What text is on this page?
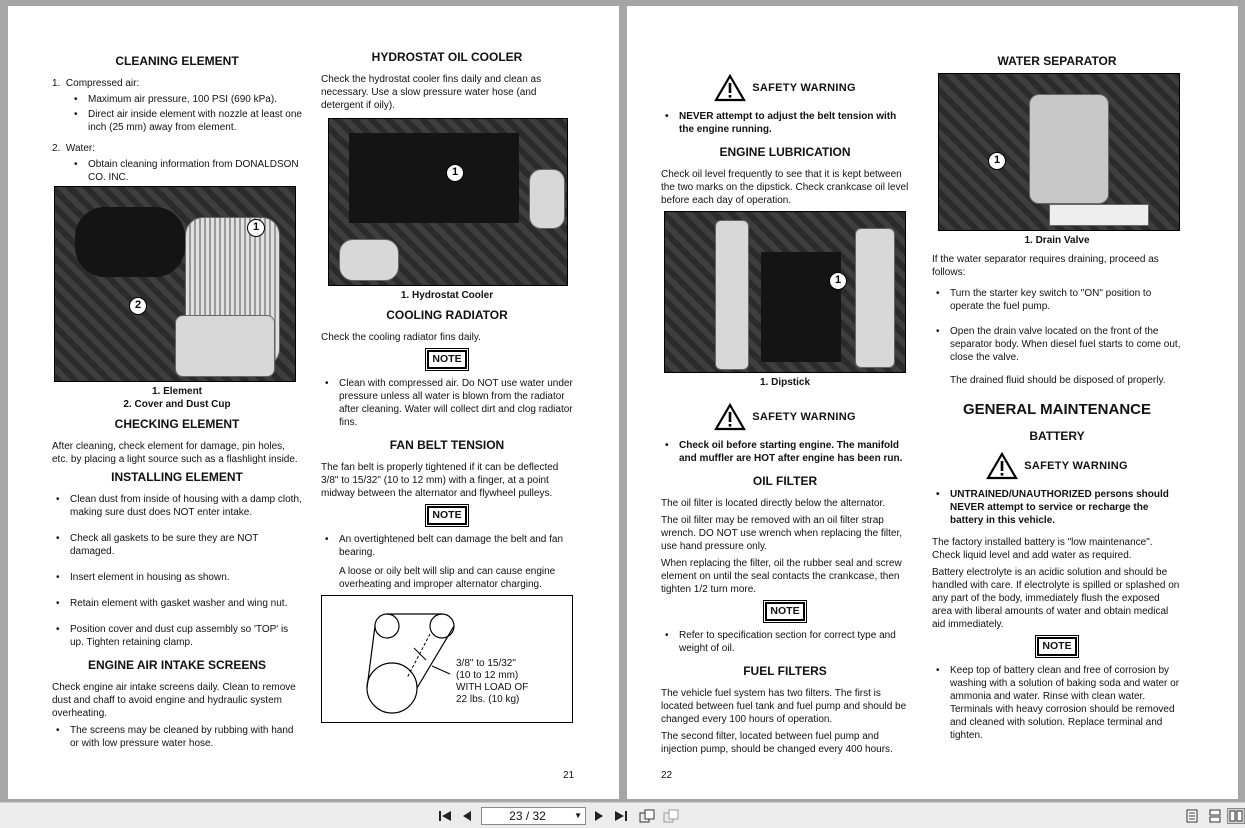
CLEANING ELEMENT
1. Compressed air:
• Maximum air pressure, 100 PSI (690 kPa).
• Direct air inside element with nozzle at least one inch (25 mm) away from element.
2. Water:
• Obtain cleaning information from DONALDSON CO. INC.
1
2
1. Element
2. Cover and Dust Cup
CHECKING ELEMENT

After cleaning, check element for damage, pin holes, etc. by placing a light source such as a flashlight inside.

INSTALLING ELEMENT
• Clean dust from inside of housing with a damp cloth, making sure dust does NOT enter intake.
• Check all gaskets to be sure they are NOT damaged.
• Insert element in housing as shown.
• Retain element with gasket washer and wing nut.
• Position cover and dust cup assembly so 'TOP' is up. Tighten retaining clamp.
ENGINE AIR INTAKE SCREENS

Check engine air intake screens daily. Clean to remove dust and chaff to avoid engine and hydraulic system overheating.

• The screens may be cleaned by rubbing with hand or with low pressure water hose.
HYDROSTAT OIL COOLER

Check the hydrostat cooler fins daily and clean as necessary. Use a slow pressure water hose (and detergent if oily).

1
1. Hydrostat Cooler
COOLING RADIATOR

Check the cooling radiator fins daily.

NOTE
• Clean with compressed air. Do NOT use water under pressure unless all water is blown from the radiator after cleaning. Water will collect dirt and clog radiator fins.
FAN BELT TENSION

The fan belt is properly tightened if it can be deflected 3/8" to 15/32" (10 to 12 mm) with a finger, at a point midway between the alternator and flywheel pulleys.

NOTE
• An overtightened belt can damage the belt and fan bearing.

A loose or oily belt will slip and can cause engine overheating and improper alternator charging.

3/8" to 15/32"
(10 to 12 mm)
WITH LOAD OF
22 lbs. (10 kg)
21
SAFETY WARNING
• NEVER attempt to adjust the belt tension with the engine running.
ENGINE LUBRICATION

Check oil level frequently to see that it is kept between the two marks on the dipstick. Check crankcase oil level before each day of operation.

1
1. Dipstick
SAFETY WARNING
• Check oil before starting engine. The manifold and muffler are HOT after engine has been run.
OIL FILTER

The oil filter is located directly below the alternator.

The oil filter may be removed with an oil filter strap wrench. DO NOT use wrench when replacing the filter, use hand pressure only.

When replacing the filter, oil the rubber seal and screw element on until the seal contacts the crankcase, then tighten 1/2 turn more.

NOTE
• Refer to specification section for correct type and weight of oil.
FUEL FILTERS

The vehicle fuel system has two filters. The first is located between fuel tank and fuel pump and should be changed every 100 hours of operation.

The second filter, located between fuel pump and injection pump, should be changed every 400 hours.

WATER SEPARATOR
1
1. Drain Valve

If the water separator requires draining, proceed as follows:

• Turn the starter key switch to "ON" position to operate the fuel pump.
• Open the drain valve located on the front of the separator body. When diesel fuel starts to come out, close the valve.

The drained fluid should be disposed of properly.

GENERAL MAINTENANCE
BATTERY
SAFETY WARNING
• UNTRAINED/UNAUTHORIZED persons should NEVER attempt to service or recharge the battery in this vehicle.

The factory installed battery is "low maintenance". Check liquid level and add water as required.

Battery electrolyte is an acidic solution and should be handled with care. If electrolyte is spilled or splashed on any part of the body, immediately flush the exposed area with liberal amounts of water and obtain medical aid immediately.

NOTE
• Keep top of battery clean and free of corrosion by washing with a solution of baking soda and water or ammonia and water. Rinse with clean water. Terminals with heavy corrosion should be removed and cleaned with solution. Replace terminal and tighten.
22
23 / 32	▼
